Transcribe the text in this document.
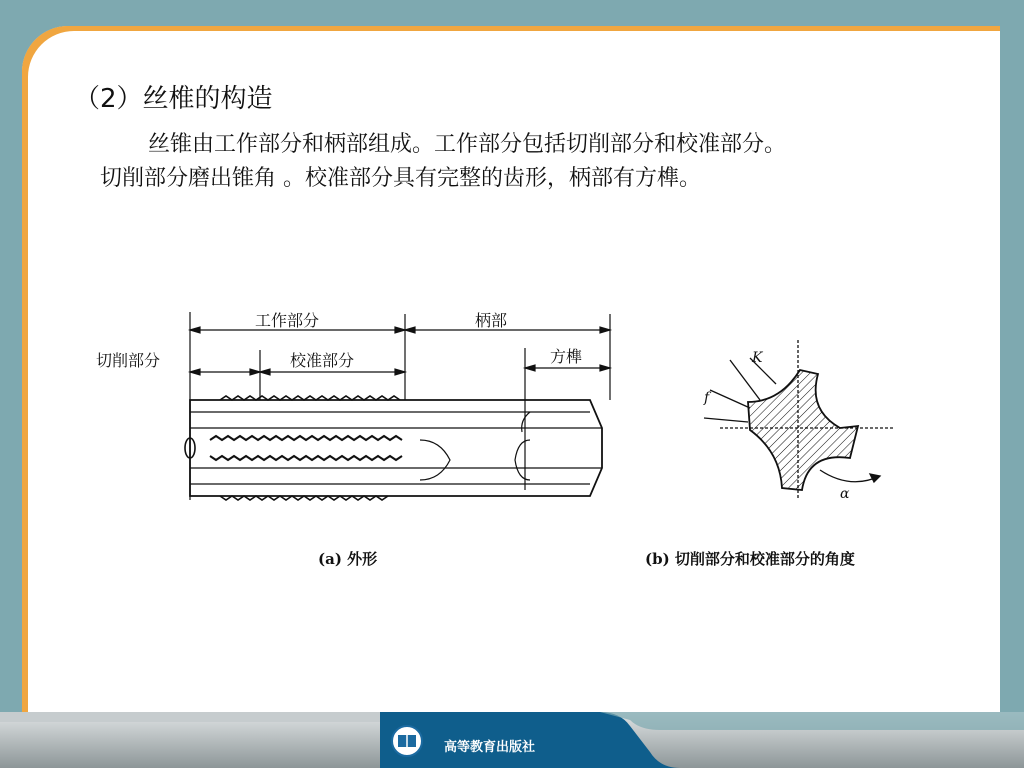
（2）丝椎的构造
丝锥由工作部分和柄部组成。工作部分包括切削部分和校准部分。
切削部分磨出锥角 。校准部分具有完整的齿形，柄部有方榫。
工作部分	柄部
切削部分	校准部分	方榫
(a) 外形
K
f
α
(b) 切削部分和校准部分的角度
高等教育出版社
